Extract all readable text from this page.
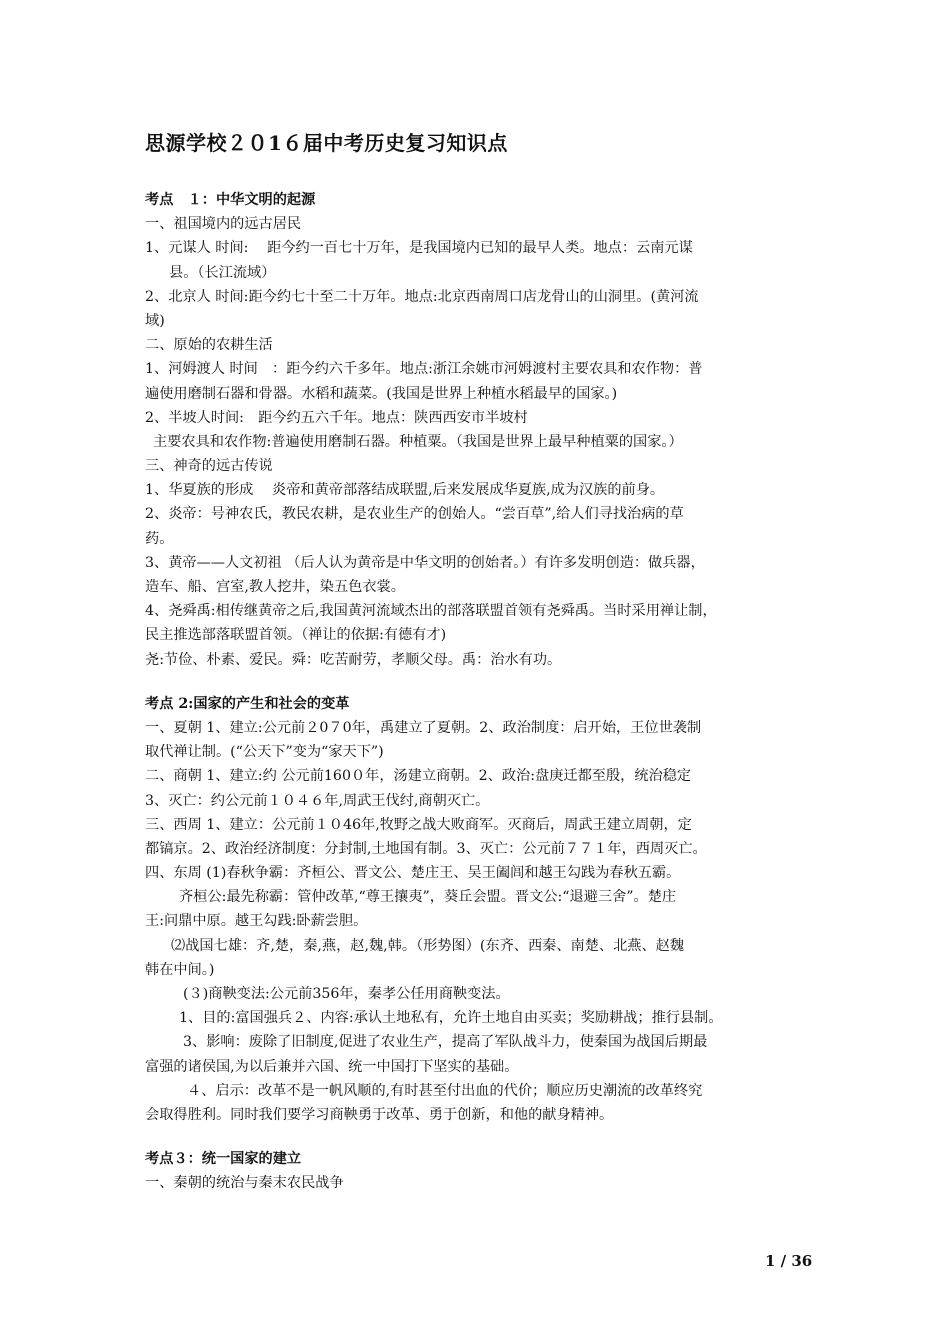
思源学校２０1６届中考历史复习知识点
考点　１：中华文明的起源
一、祖国境内的远古居民
1、元谋人 时间:　 距今约一百七十万年，是我国境内已知的最早人类。地点：云南元谋
县。（长江流域）
2、北京人 时间:距今约七十至二十万年。地点:北京西南周口店龙骨山的山洞里。(黄河流
域)
二、原始的农耕生活
1、河姆渡人 时间　：距今约六千多年。地点:浙江余姚市河姆渡村主要农具和农作物：普
遍使用磨制石器和骨器。水稻和蔬菜。(我国是世界上种植水稻最早的国家。)
2、半坡人时间:　距今约五六千年。地点：陕西西安市半坡村
主要农具和农作物:普遍使用磨制石器。种植粟。（我国是世界上最早种植粟的国家。）
三、神奇的远古传说
1、华夏族的形成　 炎帝和黄帝部落结成联盟,后来发展成华夏族,成为汉族的前身。
2、炎帝：号神农氏，教民农耕，是农业生产的创始人。“尝百草”,给人们寻找治病的草
药。
3、黄帝——人文初祖 （后人认为黄帝是中华文明的创始者。）有许多发明创造：做兵器，
造车、船、宫室,教人挖井，染五色衣裳。
4、尧舜禹:相传继黄帝之后,我国黄河流域杰出的部落联盟首领有尧舜禹。当时采用禅让制，
民主推选部落联盟首领。（禅让的依据:有德有才)
尧:节俭、朴素、爱民。舜：吃苦耐劳，孝顺父母。禹：治水有功。
考点 2:国家的产生和社会的变革
一、夏朝 1、建立:公元前２0７0年，禹建立了夏朝。2、政治制度：启开始，王位世袭制
取代禅让制。(“公天下”变为“家天下”)
二、商朝 1、建立:约 公元前160０年，汤建立商朝。2、政治:盘庚迁都至殷，统治稳定
3、灭亡：约公元前１０４６年,周武王伐纣,商朝灭亡。
三、西周 1、建立：公元前１０46年,牧野之战大败商军。灭商后，周武王建立周朝，定
都镐京。2、政治经济制度：分封制,土地国有制。3、灭亡：公元前７７１年，西周灭亡。
四、东周 (1)春秋争霸：齐桓公、晋文公、楚庄王、吴王阖闾和越王勾践为春秋五霸。
齐桓公:最先称霸：管仲改革,“尊王攘夷”，葵丘会盟。晋文公:“退避三舍”。楚庄
王:问鼎中原。越王勾践:卧薪尝胆。
⑵战国七雄：齐,楚，秦,燕，赵,魏,韩。（形势图）(东齐、西秦、南楚、北燕、赵魏
韩在中间。)
(３)商鞅变法:公元前356年，秦孝公任用商鞅变法。
1、目的:富国强兵２、内容:承认土地私有，允许土地自由买卖；奖励耕战；推行县制。
3、影响：废除了旧制度,促进了农业生产，提高了军队战斗力，使秦国为战国后期最
富强的诸侯国,为以后兼并六国、统一中国打下坚实的基础。
４、启示：改革不是一帆风顺的,有时甚至付出血的代价；顺应历史潮流的改革终究
会取得胜利。同时我们要学习商鞅勇于改革、勇于创新，和他的献身精神。
考点３：统一国家的建立
一、秦朝的统治与秦末农民战争
1 / 36
